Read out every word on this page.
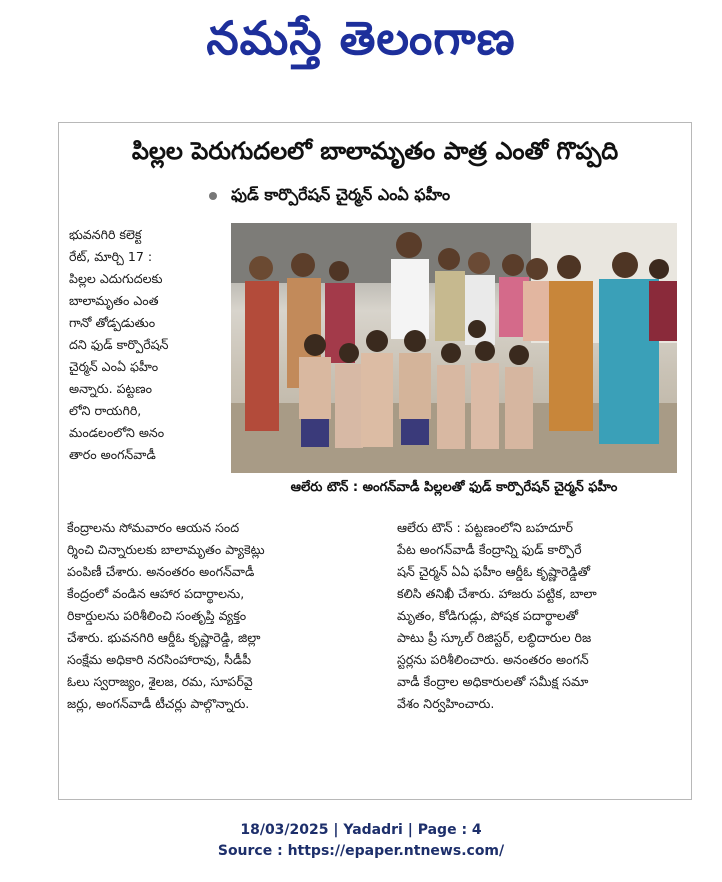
నమస్తే తెలంగాణ
పిల్లల పెరుగుదలలో బాలామృతం పాత్ర ఎంతో గొప్పది
ఫుడ్ కార్పొరేషన్ చైర్మన్ ఎంఏ ఫహీం
భువనగిరి కలెక్ట
రేట్, మార్చి 17 :
పిల్లల ఎదుగుదలకు
బాలామృతం ఎంత
గానో తోడ్పడుతుం
దని ఫుడ్ కార్పొరేషన్
చైర్మన్ ఎంఏ ఫహీం
అన్నారు. పట్టణం
లోని రాయగిరి,
మండలంలోని అనం
తారం అంగన్‌వాడీ
ఆలేరు టౌన్ : అంగన్‌వాడీ పిల్లలతో ఫుడ్ కార్పొరేషన్ చైర్మన్ ఫహీం
కేంద్రాలను సోమవారం ఆయన సంద
ర్శించి చిన్నారులకు బాలామృతం ప్యాకెట్లు
పంపిణీ చేశారు. అనంతరం అంగన్‌వాడీ
కేంద్రంలో వండిన ఆహార పదార్థాలను,
రికార్డులను పరిశీలించి సంతృప్తి వ్యక్తం
చేశారు. భువనగిరి ఆర్డీఓ కృష్ణారెడ్డి, జిల్లా
సంక్షేమ అధికారి నరసింహారావు, సీడీపీ
ఓలు స్వరాజ్యం, శైలజ, రమ, సూపర్‌వై
జర్లు, అంగన్‌వాడీ టీచర్లు పాల్గొన్నారు.
ఆలేరు టౌన్ : పట్టణంలోని బహదూర్
పేట అంగన్‌వాడీ కేంద్రాన్ని ఫుడ్ కార్పొరే
షన్ చైర్మన్ ఏఏ ఫహీం ఆర్డీఓ కృష్ణారెడ్డితో
కలిసి తనిఖీ చేశారు. హాజరు పట్టిక, బాలా
మృతం, కోడిగుడ్లు, పోషక పదార్థాలతో
పాటు ప్రీ స్కూల్ రిజిస్టర్, లబ్ధిదారుల రిజ
స్టర్లను పరిశీలించారు. అనంతరం అంగన్
వాడీ కేంద్రాల అధికారులతో సమీక్ష సమా
వేశం నిర్వహించారు.
18/03/2025 | Yadadri | Page : 4
Source : https://epaper.ntnews.com/
